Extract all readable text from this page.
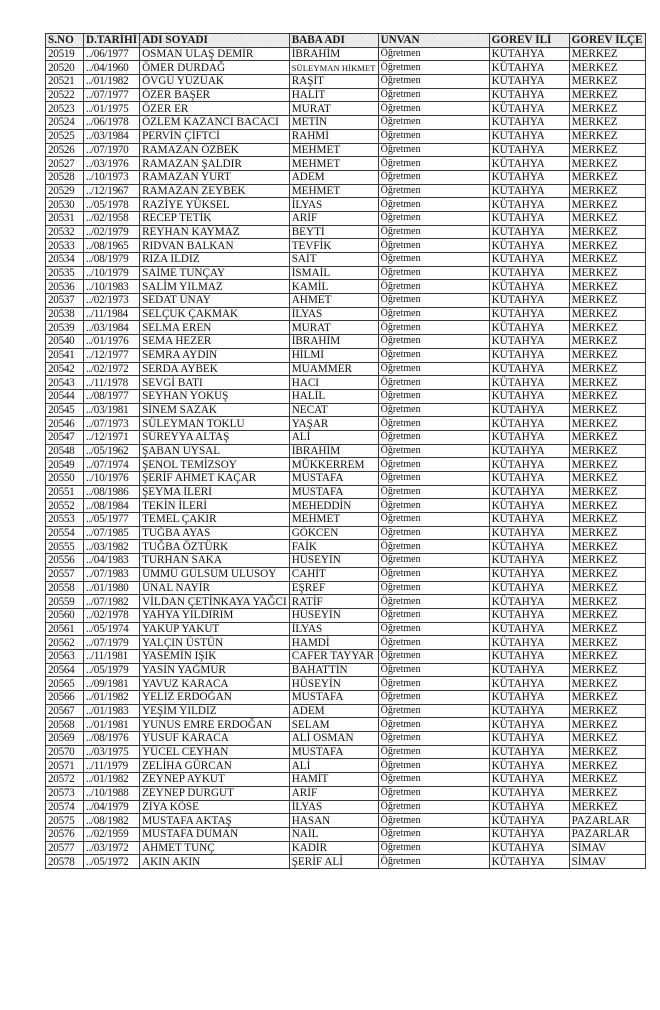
S.NO	D.TARİHİ	ADI SOYADI	BABA ADI	UNVAN	GOREV İLİ	GOREV İLÇE
20519	../06/1977	OSMAN ULAŞ DEMİR	İBRAHİM	Öğretmen	KÜTAHYA	MERKEZ
20520	../04/1960	ÖMER DURDAĞ	SÜLEYMAN HİKMET	Öğretmen	KÜTAHYA	MERKEZ
20521	../01/1982	ÖVGÜ YÜZÜAK	RAŞİT	Öğretmen	KÜTAHYA	MERKEZ
20522	../07/1977	ÖZER BAŞER	HALİT	Öğretmen	KÜTAHYA	MERKEZ
20523	../01/1975	ÖZER ER	MURAT	Öğretmen	KÜTAHYA	MERKEZ
20524	../06/1978	ÖZLEM KAZANCI BACACI	METİN	Öğretmen	KÜTAHYA	MERKEZ
20525	../03/1984	PERVİN ÇİFTCİ	RAHMİ	Öğretmen	KÜTAHYA	MERKEZ
20526	../07/1970	RAMAZAN ÖZBEK	MEHMET	Öğretmen	KÜTAHYA	MERKEZ
20527	../03/1976	RAMAZAN ŞALDIR	MEHMET	Öğretmen	KÜTAHYA	MERKEZ
20528	../10/1973	RAMAZAN YURT	ADEM	Öğretmen	KÜTAHYA	MERKEZ
20529	../12/1967	RAMAZAN ZEYBEK	MEHMET	Öğretmen	KÜTAHYA	MERKEZ
20530	../05/1978	RAZİYE YÜKSEL	İLYAS	Öğretmen	KÜTAHYA	MERKEZ
20531	../02/1958	RECEP TETİK	ARİF	Öğretmen	KÜTAHYA	MERKEZ
20532	../02/1979	REYHAN KAYMAZ	BEYTİ	Öğretmen	KÜTAHYA	MERKEZ
20533	../08/1965	RIDVAN BALKAN	TEVFİK	Öğretmen	KÜTAHYA	MERKEZ
20534	../08/1979	RIZA ILDIZ	SAİT	Öğretmen	KÜTAHYA	MERKEZ
20535	../10/1979	SAİME TUNÇAY	İSMAİL	Öğretmen	KÜTAHYA	MERKEZ
20536	../10/1983	SALİM YILMAZ	KAMİL	Öğretmen	KÜTAHYA	MERKEZ
20537	../02/1973	SEDAT ÜNAY	AHMET	Öğretmen	KÜTAHYA	MERKEZ
20538	../11/1984	SELÇUK ÇAKMAK	İLYAS	Öğretmen	KÜTAHYA	MERKEZ
20539	../03/1984	SELMA EREN	MURAT	Öğretmen	KÜTAHYA	MERKEZ
20540	../01/1976	SEMA HEZER	İBRAHİM	Öğretmen	KÜTAHYA	MERKEZ
20541	../12/1977	SEMRA AYDIN	HİLMİ	Öğretmen	KÜTAHYA	MERKEZ
20542	../02/1972	SERDA AYBEK	MUAMMER	Öğretmen	KÜTAHYA	MERKEZ
20543	../11/1978	SEVGİ BATI	HACI	Öğretmen	KÜTAHYA	MERKEZ
20544	../08/1977	SEYHAN YOKUŞ	HALİL	Öğretmen	KÜTAHYA	MERKEZ
20545	../03/1981	SİNEM SAZAK	NECAT	Öğretmen	KÜTAHYA	MERKEZ
20546	../07/1973	SÜLEYMAN TOKLU	YAŞAR	Öğretmen	KÜTAHYA	MERKEZ
20547	../12/1971	SÜREYYA ALTAŞ	ALİ	Öğretmen	KÜTAHYA	MERKEZ
20548	../05/1962	ŞABAN UYSAL	İBRAHİM	Öğretmen	KÜTAHYA	MERKEZ
20549	../07/1974	ŞENOL TEMİZSOY	MÜKKERREM	Öğretmen	KÜTAHYA	MERKEZ
20550	../10/1976	ŞERİF AHMET KAÇAR	MUSTAFA	Öğretmen	KÜTAHYA	MERKEZ
20551	../08/1986	ŞEYMA İLERİ	MUSTAFA	Öğretmen	KÜTAHYA	MERKEZ
20552	../08/1984	TEKİN İLERİ	MEHEDDİN	Öğretmen	KÜTAHYA	MERKEZ
20553	../05/1977	TEMEL ÇAKIR	MEHMET	Öğretmen	KÜTAHYA	MERKEZ
20554	../07/1985	TUĞBA AYAS	GÖKCEN	Öğretmen	KÜTAHYA	MERKEZ
20555	../03/1982	TUĞBA ÖZTÜRK	FAİK	Öğretmen	KÜTAHYA	MERKEZ
20556	../04/1983	TURHAN SAKA	HÜSEYİN	Öğretmen	KÜTAHYA	MERKEZ
20557	../07/1983	ÜMMÜ GÜLSÜM ULUSOY	CAHİT	Öğretmen	KÜTAHYA	MERKEZ
20558	../01/1980	ÜNAL NAYİR	EŞREF	Öğretmen	KÜTAHYA	MERKEZ
20559	../07/1982	VİLDAN ÇETİNKAYA YAĞCI	RATİF	Öğretmen	KÜTAHYA	MERKEZ
20560	../02/1978	YAHYA YILDIRIM	HÜSEYİN	Öğretmen	KÜTAHYA	MERKEZ
20561	../05/1974	YAKUP YAKUT	İLYAS	Öğretmen	KÜTAHYA	MERKEZ
20562	../07/1979	YALÇIN ÜSTÜN	HAMDİ	Öğretmen	KÜTAHYA	MERKEZ
20563	../11/1981	YASEMİN IŞIK	CAFER TAYYAR	Öğretmen	KÜTAHYA	MERKEZ
20564	../05/1979	YASİN YAĞMUR	BAHATTİN	Öğretmen	KÜTAHYA	MERKEZ
20565	../09/1981	YAVUZ KARACA	HÜSEYİN	Öğretmen	KÜTAHYA	MERKEZ
20566	../01/1982	YELİZ ERDOĞAN	MUSTAFA	Öğretmen	KÜTAHYA	MERKEZ
20567	../01/1983	YEŞİM YILDIZ	ADEM	Öğretmen	KÜTAHYA	MERKEZ
20568	../01/1981	YUNUS EMRE ERDOĞAN	SELAM	Öğretmen	KÜTAHYA	MERKEZ
20569	../08/1976	YUSUF KARACA	ALİ OSMAN	Öğretmen	KÜTAHYA	MERKEZ
20570	../03/1975	YÜCEL CEYHAN	MUSTAFA	Öğretmen	KÜTAHYA	MERKEZ
20571	../11/1979	ZELİHA GÜRCAN	ALİ	Öğretmen	KÜTAHYA	MERKEZ
20572	../01/1982	ZEYNEP AYKUT	HAMİT	Öğretmen	KÜTAHYA	MERKEZ
20573	../10/1988	ZEYNEP DURGUT	ARİF	Öğretmen	KÜTAHYA	MERKEZ
20574	../04/1979	ZİYA KÖSE	İLYAS	Öğretmen	KÜTAHYA	MERKEZ
20575	../08/1982	MUSTAFA AKTAŞ	HASAN	Öğretmen	KÜTAHYA	PAZARLAR
20576	../02/1959	MUSTAFA DUMAN	NAİL	Öğretmen	KÜTAHYA	PAZARLAR
20577	../03/1972	AHMET TUNÇ	KADİR	Öğretmen	KÜTAHYA	SİMAV
20578	../05/1972	AKIN AKIN	ŞERİF ALİ	Öğretmen	KÜTAHYA	SİMAV
